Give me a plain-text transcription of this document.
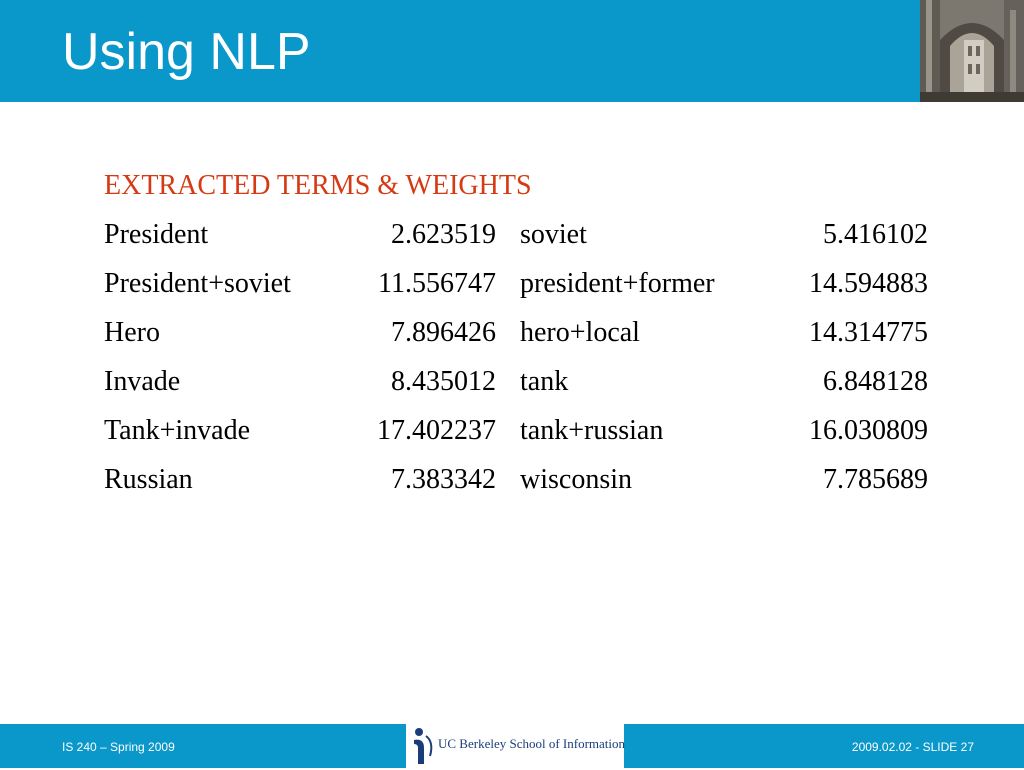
Using NLP
EXTRACTED TERMS & WEIGHTS
President	2.623519 soviet	5.416102
President+soviet	11.556747 president+former	14.594883
Hero	7.896426 hero+local	14.314775
Invade	8.435012 tank	6.848128
Tank+invade	17.402237 tank+russian	16.030809
Russian	7.383342 wisconsin	7.785689
IS 240 – Spring 2009	UC Berkeley School of Information	2009.02.02 - SLIDE 27
